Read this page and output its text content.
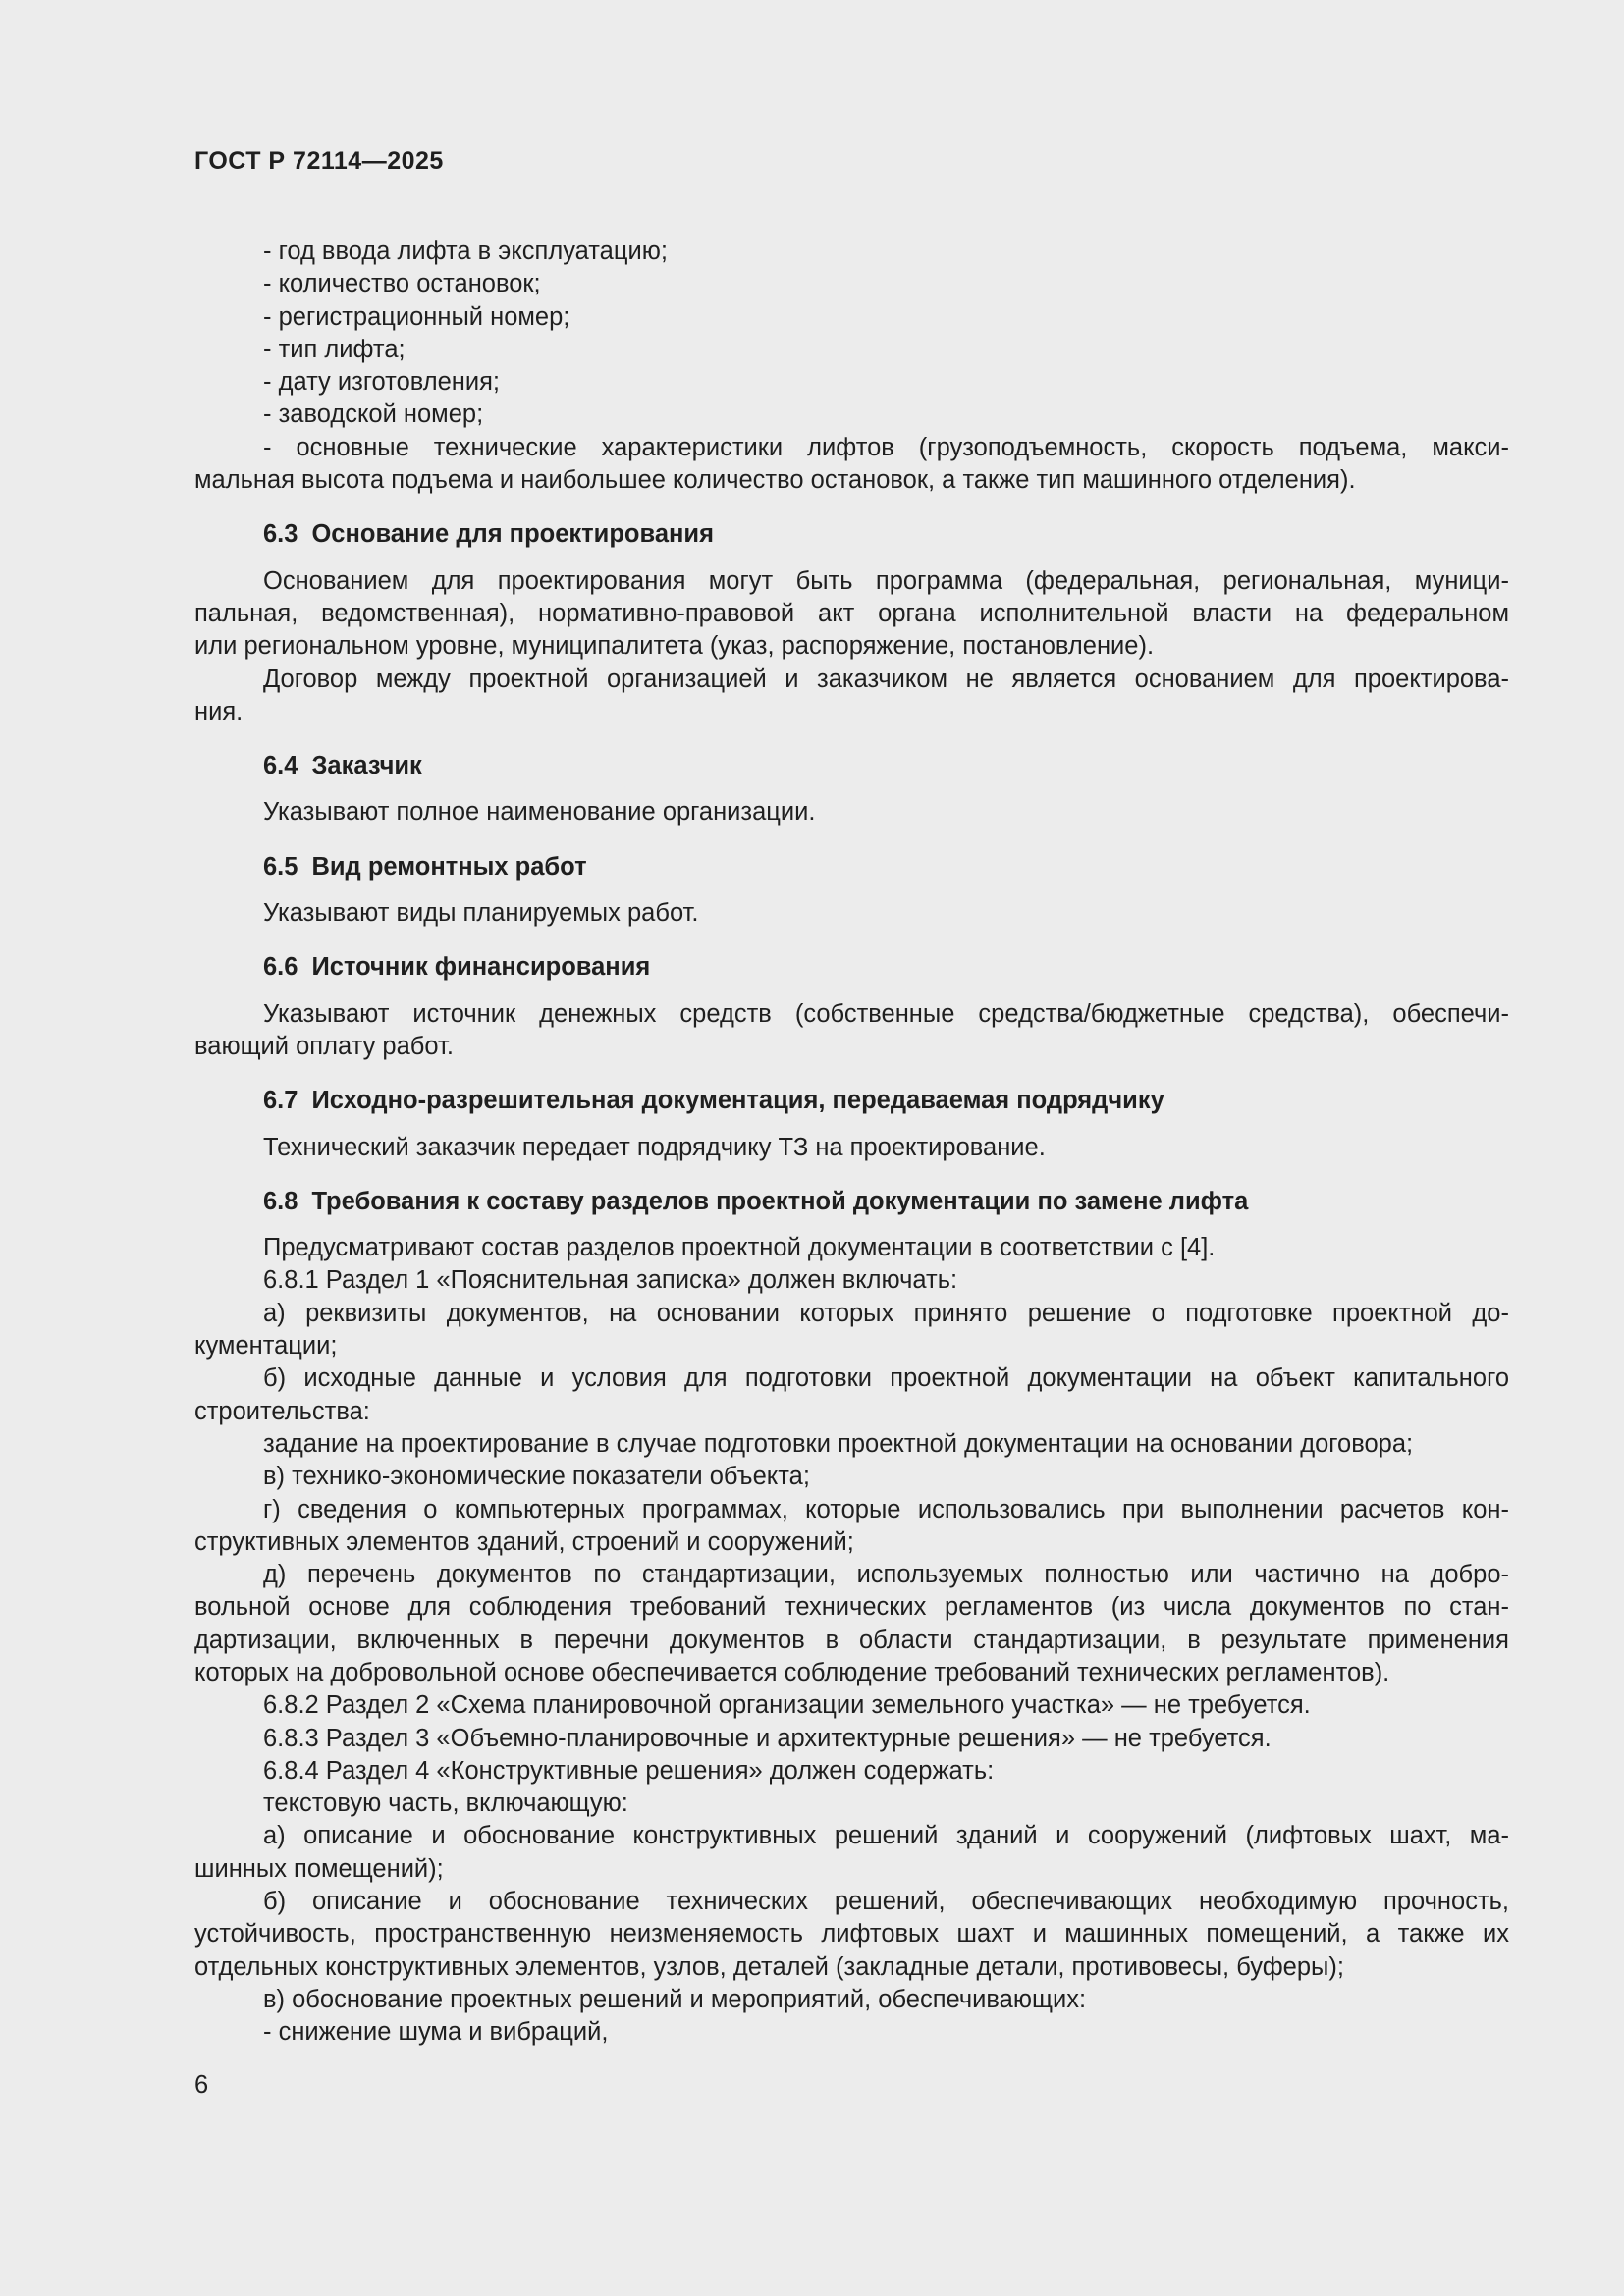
ГОСТ Р 72114—2025
- год ввода лифта в эксплуатацию;
- количество остановок;
- регистрационный номер;
- тип лифта;
- дату изготовления;
- заводской номер;
- основные технические характеристики лифтов (грузоподъемность, скорость подъема, макси-
мальная высота подъема и наибольшее количество остановок, а также тип машинного отделения).
6.3 Основание для проектирования
Основанием для проектирования могут быть программа (федеральная, региональная, муници-
пальная, ведомственная), нормативно-правовой акт органа исполнительной власти на федеральном
или региональном уровне, муниципалитета (указ, распоряжение, постановление).
Договор между проектной организацией и заказчиком не является основанием для проектирова-
ния.
6.4 Заказчик
Указывают полное наименование организации.
6.5 Вид ремонтных работ
Указывают виды планируемых работ.
6.6 Источник финансирования
Указывают источник денежных средств (собственные средства/бюджетные средства), обеспечи-
вающий оплату работ.
6.7 Исходно-разрешительная документация, передаваемая подрядчику
Технический заказчик передает подрядчику ТЗ на проектирование.
6.8 Требования к составу разделов проектной документации по замене лифта
Предусматривают состав разделов проектной документации в соответствии с [4].
6.8.1 Раздел 1 «Пояснительная записка» должен включать:
а) реквизиты документов, на основании которых принято решение о подготовке проектной до-
кументации;
б) исходные данные и условия для подготовки проектной документации на объект капитального
строительства:
задание на проектирование в случае подготовки проектной документации на основании договора;
в) технико-экономические показатели объекта;
г) сведения о компьютерных программах, которые использовались при выполнении расчетов кон-
структивных элементов зданий, строений и сооружений;
д) перечень документов по стандартизации, используемых полностью или частично на добро-
вольной основе для соблюдения требований технических регламентов (из числа документов по стан-
дартизации, включенных в перечни документов в области стандартизации, в результате применения
которых на добровольной основе обеспечивается соблюдение требований технических регламентов).
6.8.2 Раздел 2 «Схема планировочной организации земельного участка» — не требуется.
6.8.3 Раздел 3 «Объемно-планировочные и архитектурные решения» — не требуется.
6.8.4 Раздел 4 «Конструктивные решения» должен содержать:
текстовую часть, включающую:
а) описание и обоснование конструктивных решений зданий и сооружений (лифтовых шахт, ма-
шинных помещений);
б) описание и обоснование технических решений, обеспечивающих необходимую прочность,
устойчивость, пространственную неизменяемость лифтовых шахт и машинных помещений, а также их
отдельных конструктивных элементов, узлов, деталей (закладные детали, противовесы, буферы);
в) обоснование проектных решений и мероприятий, обеспечивающих:
- снижение шума и вибраций,
6
